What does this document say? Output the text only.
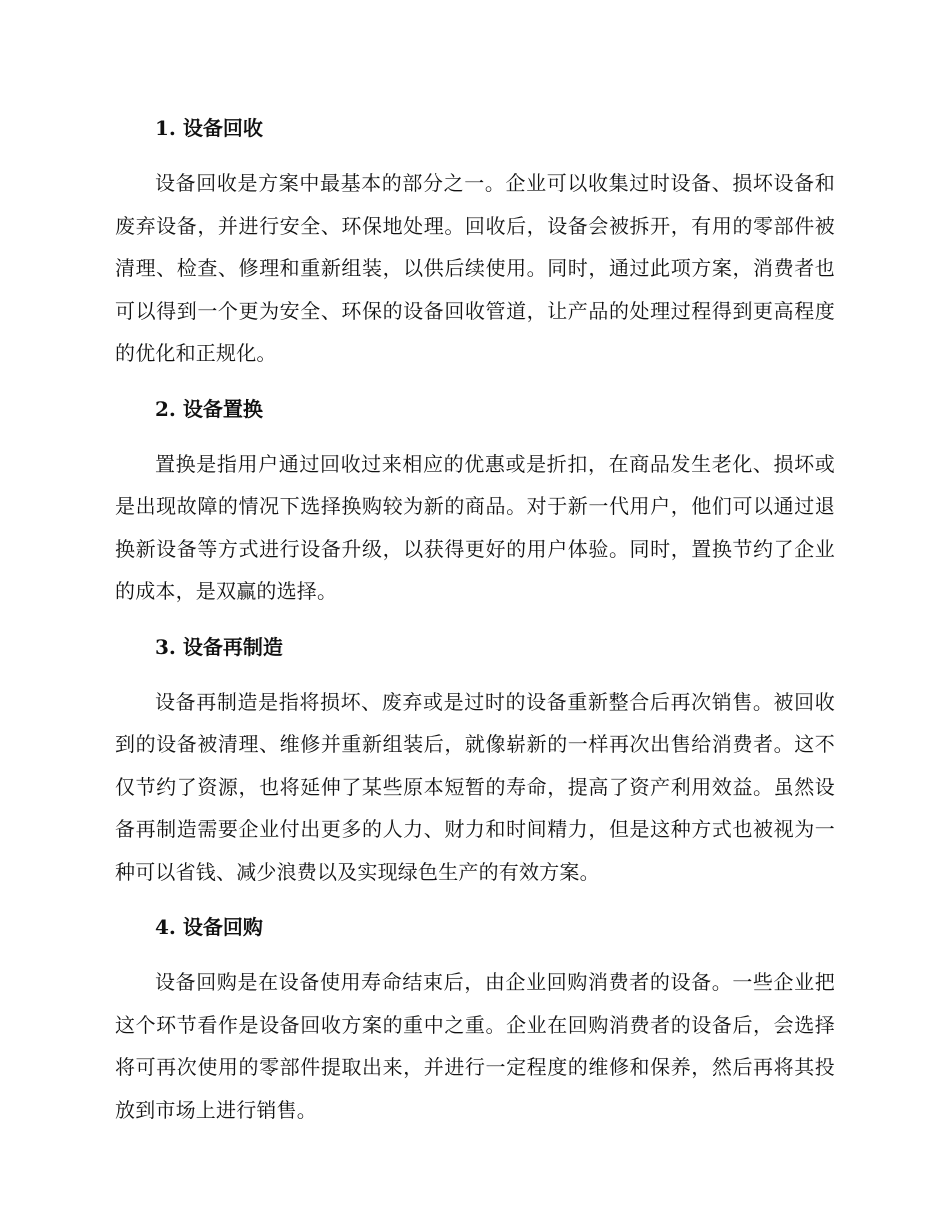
1. 设备回收

设备回收是方案中最基本的部分之一。企业可以收集过时设备、损坏设备和废弃设备，并进行安全、环保地处理。回收后，设备会被拆开，有用的零部件被清理、检查、修理和重新组装，以供后续使用。同时，通过此项方案，消费者也可以得到一个更为安全、环保的设备回收管道，让产品的处理过程得到更高程度的优化和正规化。

2. 设备置换

置换是指用户通过回收过来相应的优惠或是折扣，在商品发生老化、损坏或是出现故障的情况下选择换购较为新的商品。对于新一代用户，他们可以通过退换新设备等方式进行设备升级，以获得更好的用户体验。同时，置换节约了企业的成本，是双赢的选择。

3. 设备再制造

设备再制造是指将损坏、废弃或是过时的设备重新整合后再次销售。被回收到的设备被清理、维修并重新组装后，就像崭新的一样再次出售给消费者。这不仅节约了资源，也将延伸了某些原本短暂的寿命，提高了资产利用效益。虽然设备再制造需要企业付出更多的人力、财力和时间精力，但是这种方式也被视为一种可以省钱、减少浪费以及实现绿色生产的有效方案。

4. 设备回购

设备回购是在设备使用寿命结束后，由企业回购消费者的设备。一些企业把这个环节看作是设备回收方案的重中之重。企业在回购消费者的设备后，会选择将可再次使用的零部件提取出来，并进行一定程度的维修和保养，然后再将其投放到市场上进行销售。
